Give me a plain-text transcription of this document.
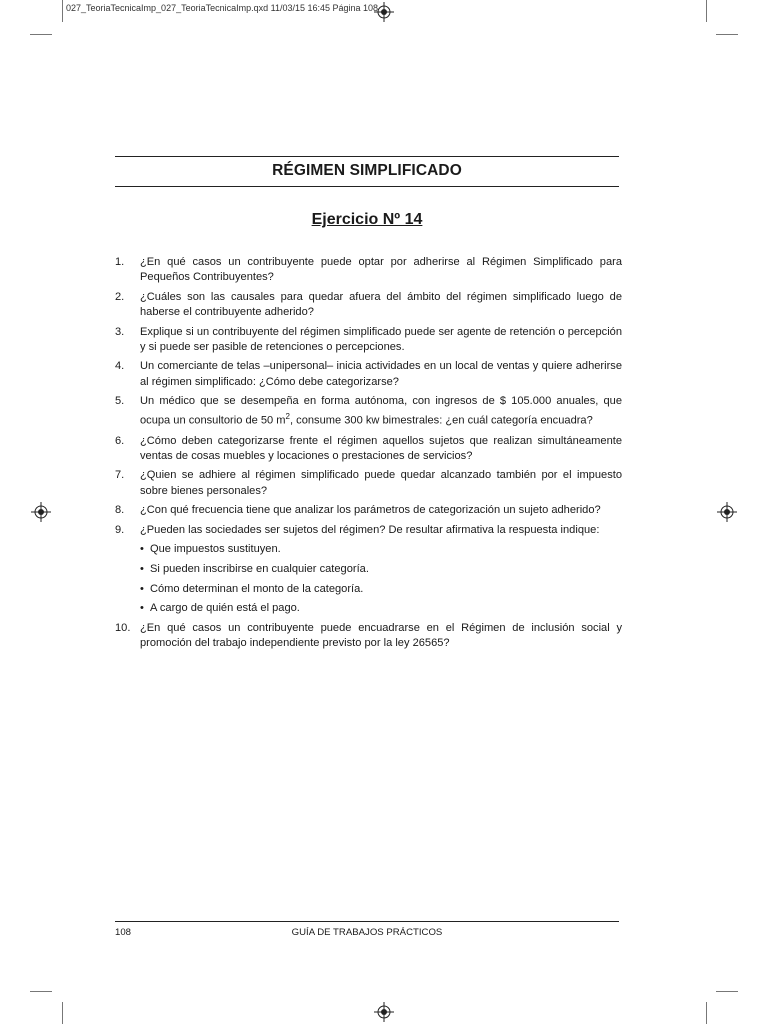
027_TeoriaTecnicaImp_027_TeoriaTecnicaImp.qxd 11/03/15 16:45 Página 108
RÉGIMEN SIMPLIFICADO
Ejercicio Nº 14
1.	¿En qué casos un contribuyente puede optar por adherirse al Régimen Simplificado para Pequeños Contribuyentes?
2.	¿Cuáles son las causales para quedar afuera del ámbito del régimen simplificado luego de haberse el contribuyente adherido?
3.	Explique si un contribuyente del régimen simplificado puede ser agente de retención o percepción y si puede ser pasible de retenciones o percepciones.
4.	Un comerciante de telas –unipersonal– inicia actividades en un local de ventas y quiere adherirse al régimen simplificado: ¿Cómo debe categorizarse?
5.	Un médico que se desempeña en forma autónoma, con ingresos de $ 105.000 anuales, que ocupa un consultorio de 50 $m^2$, consume 300 kw bimestrales: ¿en cuál categoría encuadra?
6.	¿Cómo deben categorizarse frente el régimen aquellos sujetos que realizan simultáneamente ventas de cosas muebles y locaciones o prestaciones de servicios?
7.	¿Quien se adhiere al régimen simplificado puede quedar alcanzado también por el impuesto sobre bienes personales?
8.	¿Con qué frecuencia tiene que analizar los parámetros de categorización un sujeto adherido?
9.	¿Pueden las sociedades ser sujetos del régimen? De resultar afirmativa la respuesta indique:
• Que impuestos sustituyen.
• Si pueden inscribirse en cualquier categoría.
• Cómo determinan el monto de la categoría.
• A cargo de quién está el pago.
10. ¿En qué casos un contribuyente puede encuadrarse en el Régimen de inclusión social y promoción del trabajo independiente previsto por la ley 26565?
108	GUÍA DE TRABAJOS PRÁCTICOS
